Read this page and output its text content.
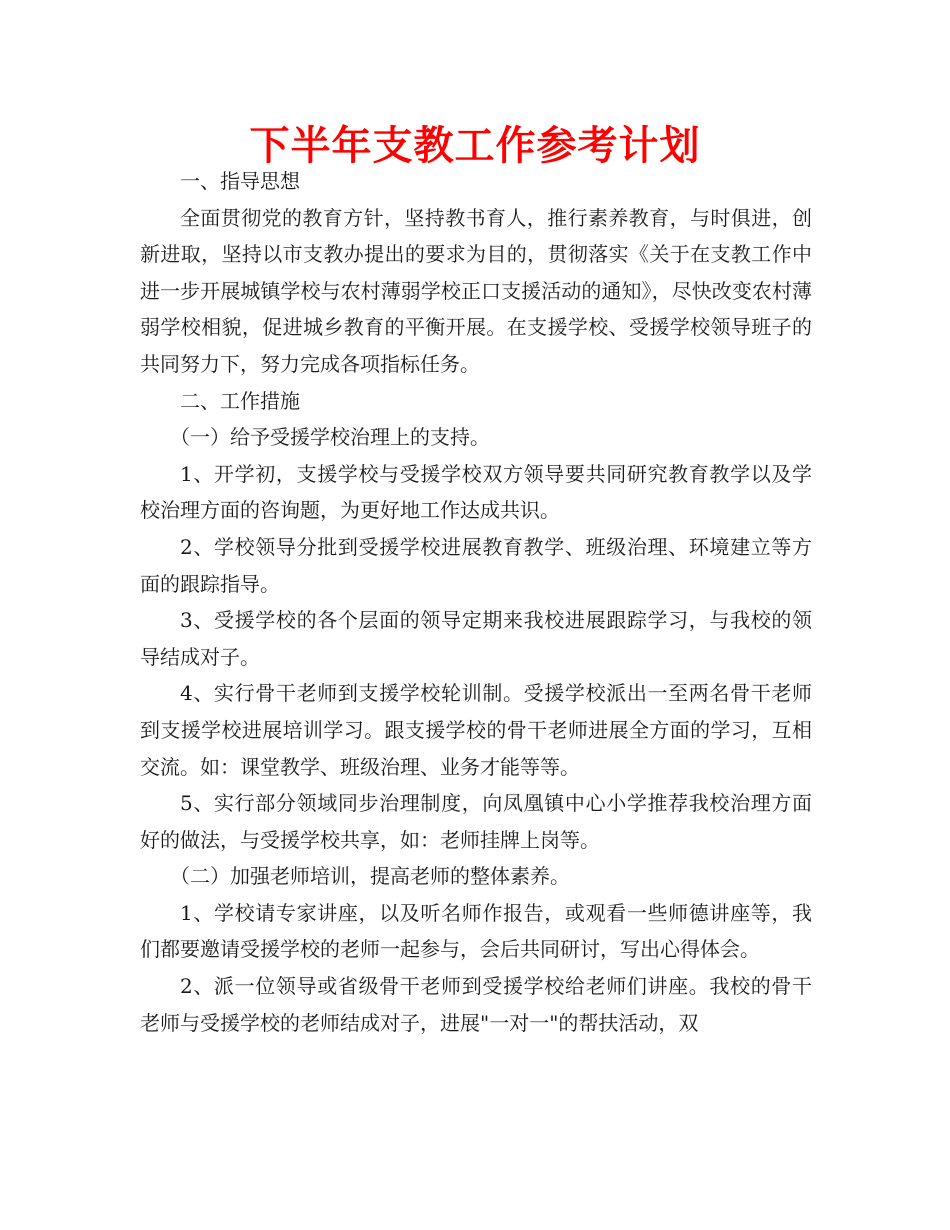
下半年支教工作参考计划

一、指导思想

全面贯彻党的教育方针，坚持教书育人，推行素养教育，与时俱进，创新进取，坚持以市支教办提出的要求为目的，贯彻落实《关于在支教工作中进一步开展城镇学校与农村薄弱学校正口支援活动的通知》，尽快改变农村薄弱学校相貌，促进城乡教育的平衡开展。在支援学校、受援学校领导班子的共同努力下，努力完成各项指标任务。

二、工作措施

（一）给予受援学校治理上的支持。

1、开学初，支援学校与受援学校双方领导要共同研究教育教学以及学校治理方面的咨询题，为更好地工作达成共识。

2、学校领导分批到受援学校进展教育教学、班级治理、环境建立等方面的跟踪指导。

3、受援学校的各个层面的领导定期来我校进展跟踪学习，与我校的领导结成对子。

4、实行骨干老师到支援学校轮训制。受援学校派出一至两名骨干老师到支援学校进展培训学习。跟支援学校的骨干老师进展全方面的学习，互相交流。如：课堂教学、班级治理、业务才能等等。

5、实行部分领域同步治理制度，向凤凰镇中心小学推荐我校治理方面好的做法，与受援学校共享，如：老师挂牌上岗等。

（二）加强老师培训，提高老师的整体素养。

1、学校请专家讲座，以及听名师作报告，或观看一些师德讲座等，我们都要邀请受援学校的老师一起参与，会后共同研讨，写出心得体会。

2、派一位领导或省级骨干老师到受援学校给老师们讲座。我校的骨干老师与受援学校的老师结成对子，进展"一对一"的帮扶活动，双
